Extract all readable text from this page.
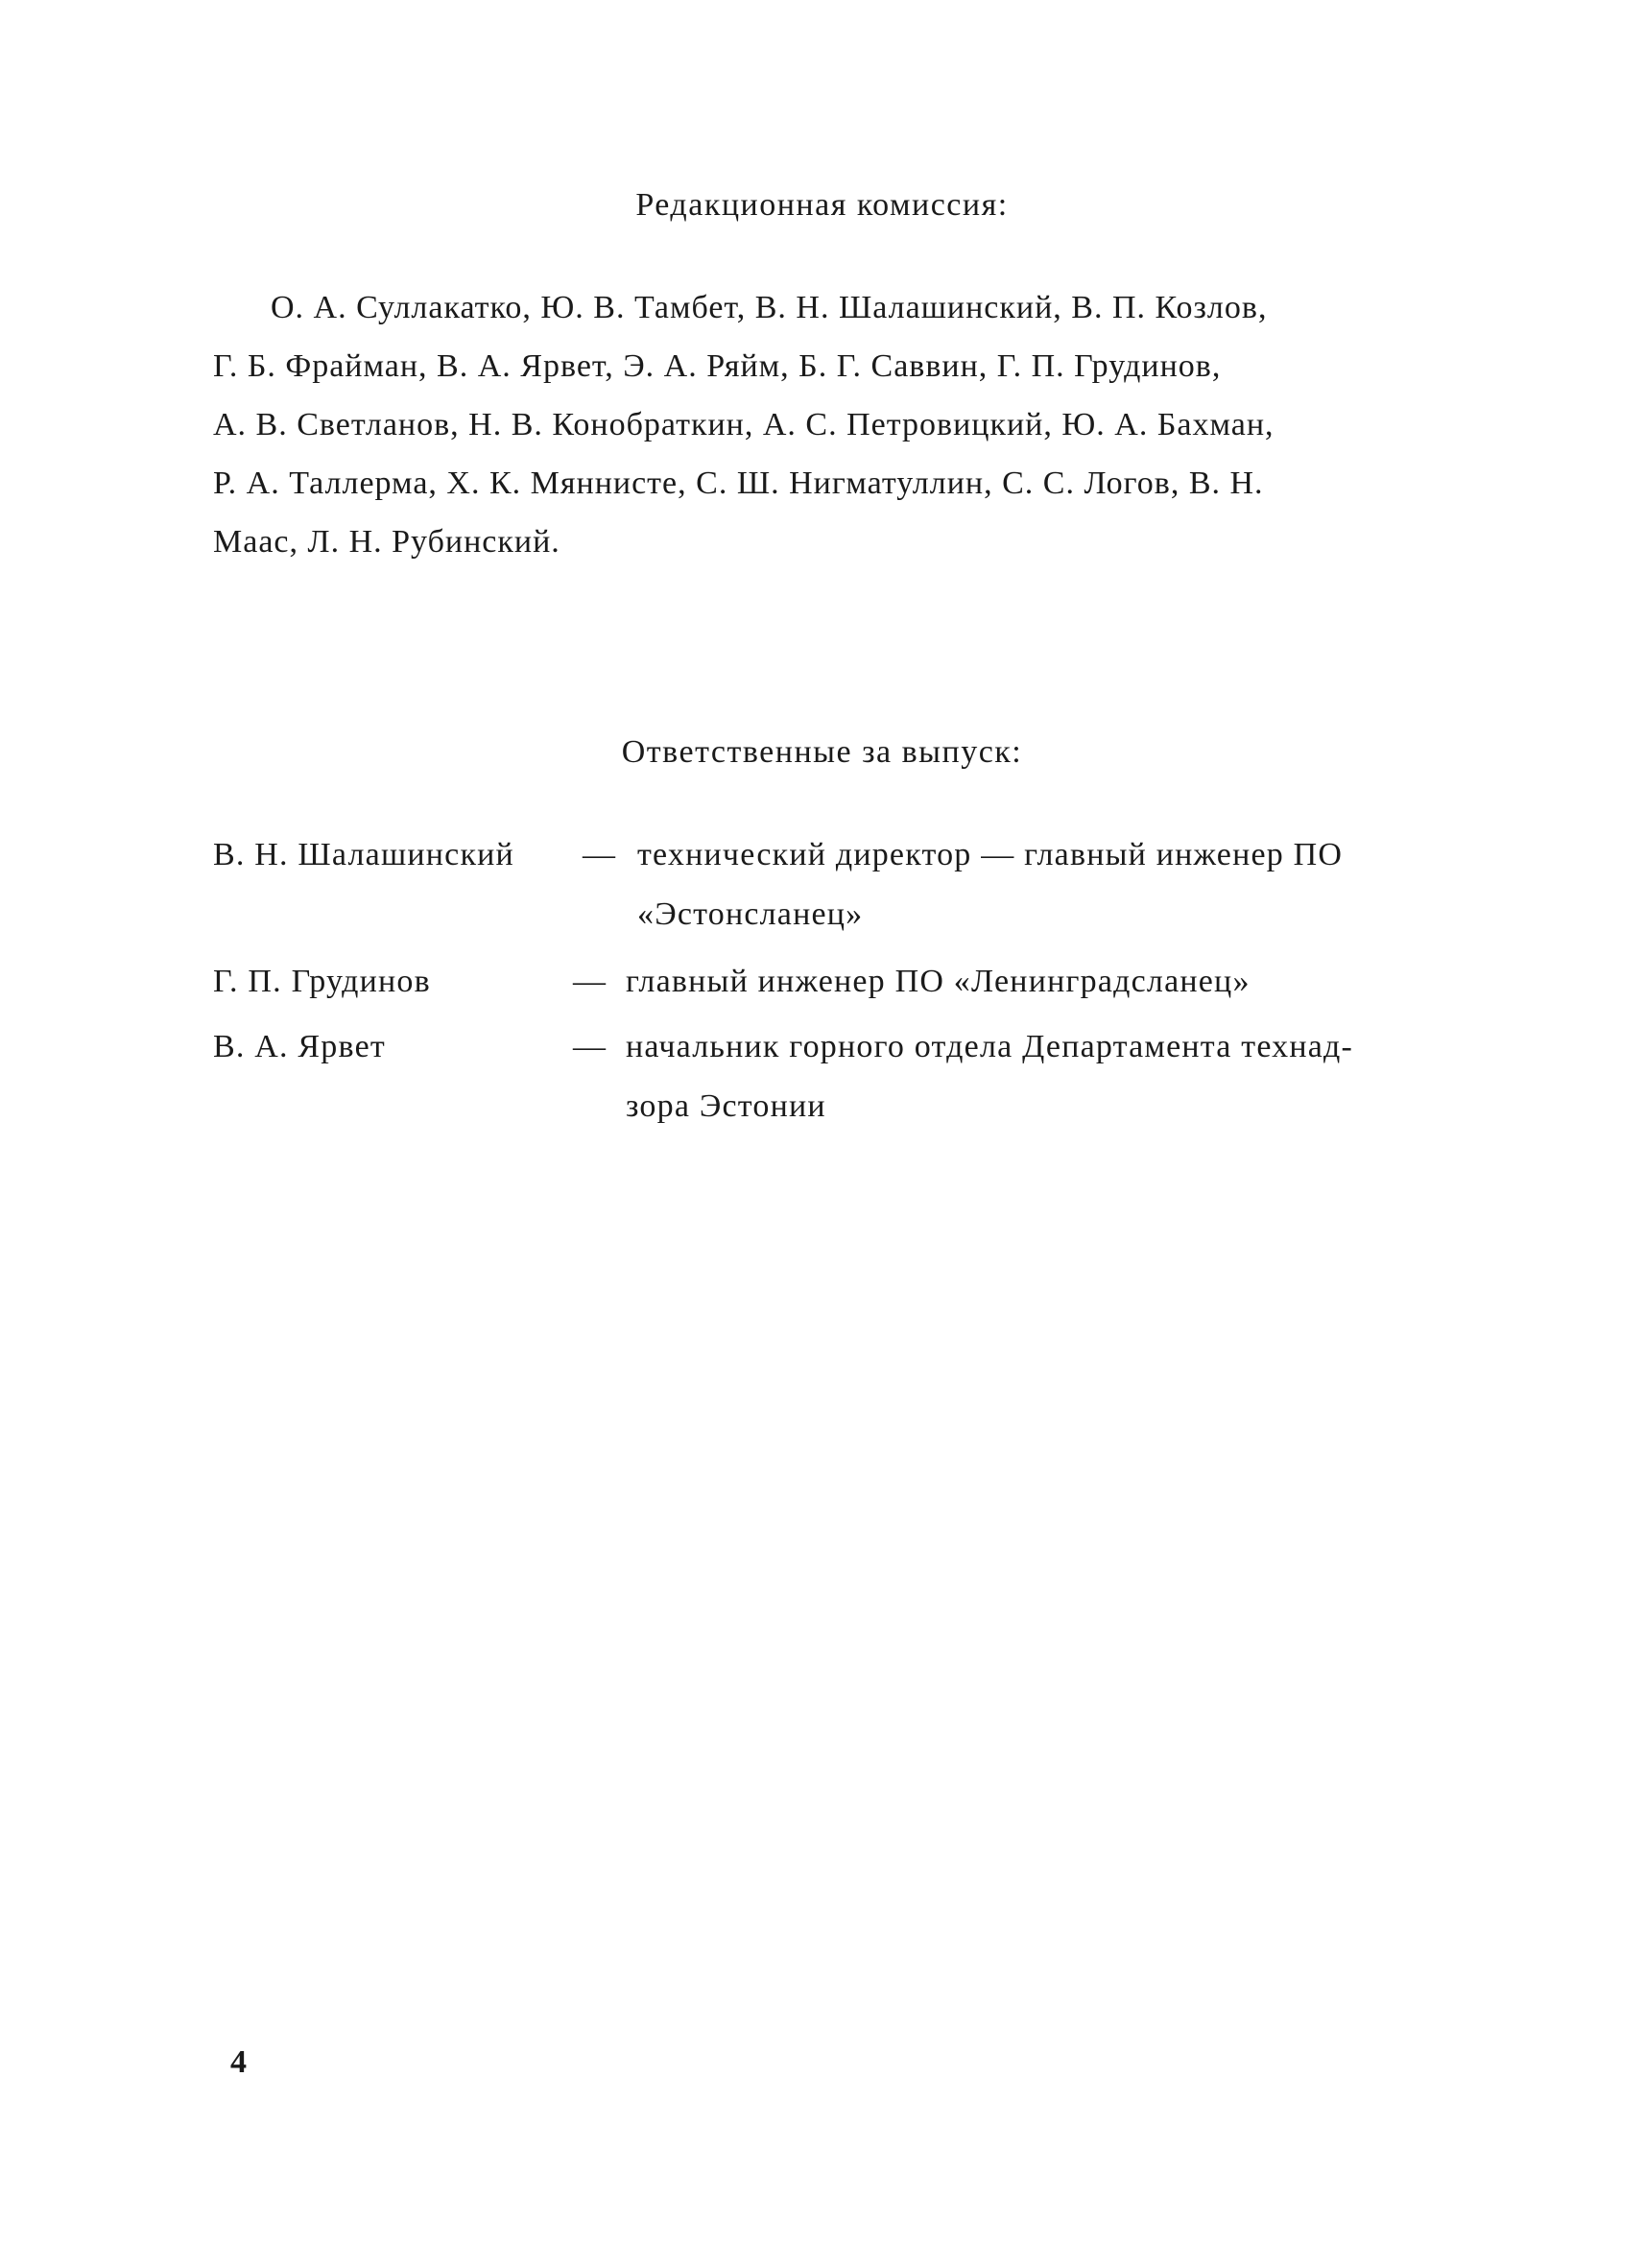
Редакционная комиссия:
О. А. Суллакатко, Ю. В. Тамбет, В. Н. Шалашинский, В. П. Козлов,
Г. Б. Фрайман, В. А. Ярвет, Э. А. Ряйм, Б. Г. Саввин, Г. П. Грудинов,
А. В. Светланов, Н. В. Конобраткин, А. С. Петровицкий, Ю. А. Бахман,
Р. А. Таллерма, Х. К. Мяннисте, С. Ш. Нигматуллин, С. С. Логов, В. Н.
Маас, Л. Н. Рубинский.
Ответственные за выпуск:
В. Н. Шалашинский — технический директор — главный инженер ПО
«Эстонсланец»
Г. П. Грудинов	— главный инженер ПО «Ленинградсланец»
В. А. Ярвет	— начальник горного отдела Департамента технад-
зора Эстонии
4
